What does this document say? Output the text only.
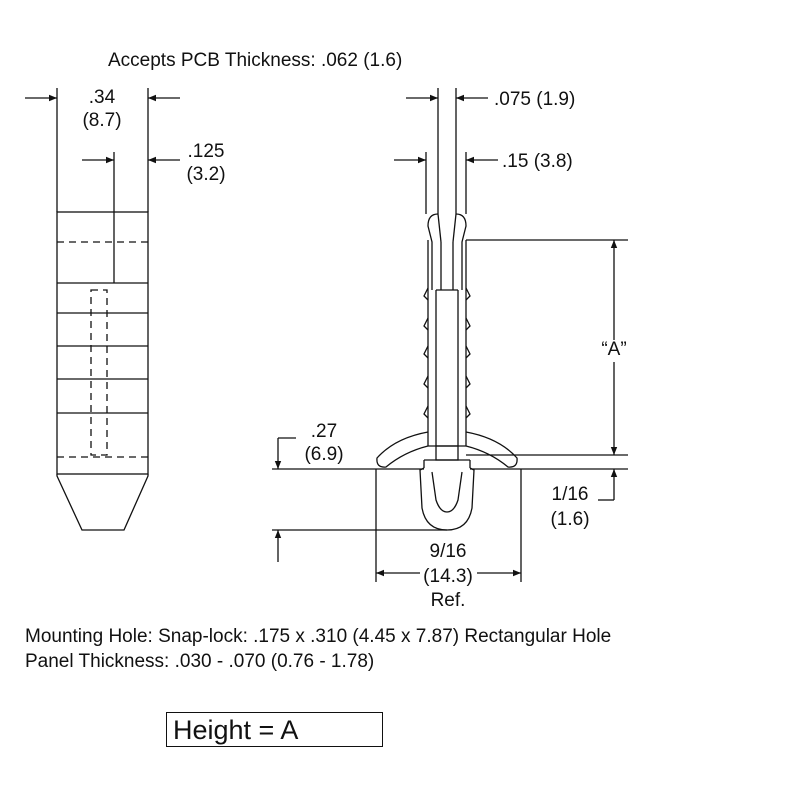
Accepts PCB Thickness: .062 (1.6)
.34
(8.7)
.125
(3.2)
.075 (1.9)
.15 (3.8)
“A”
.27
(6.9)
1/16
(1.6)
9/16
(14.3)
Ref.
Mounting Hole: Snap-lock: .175 x .310 (4.45 x 7.87) Rectangular Hole
Panel Thickness: .030 - .070 (0.76 - 1.78)
Height = A
